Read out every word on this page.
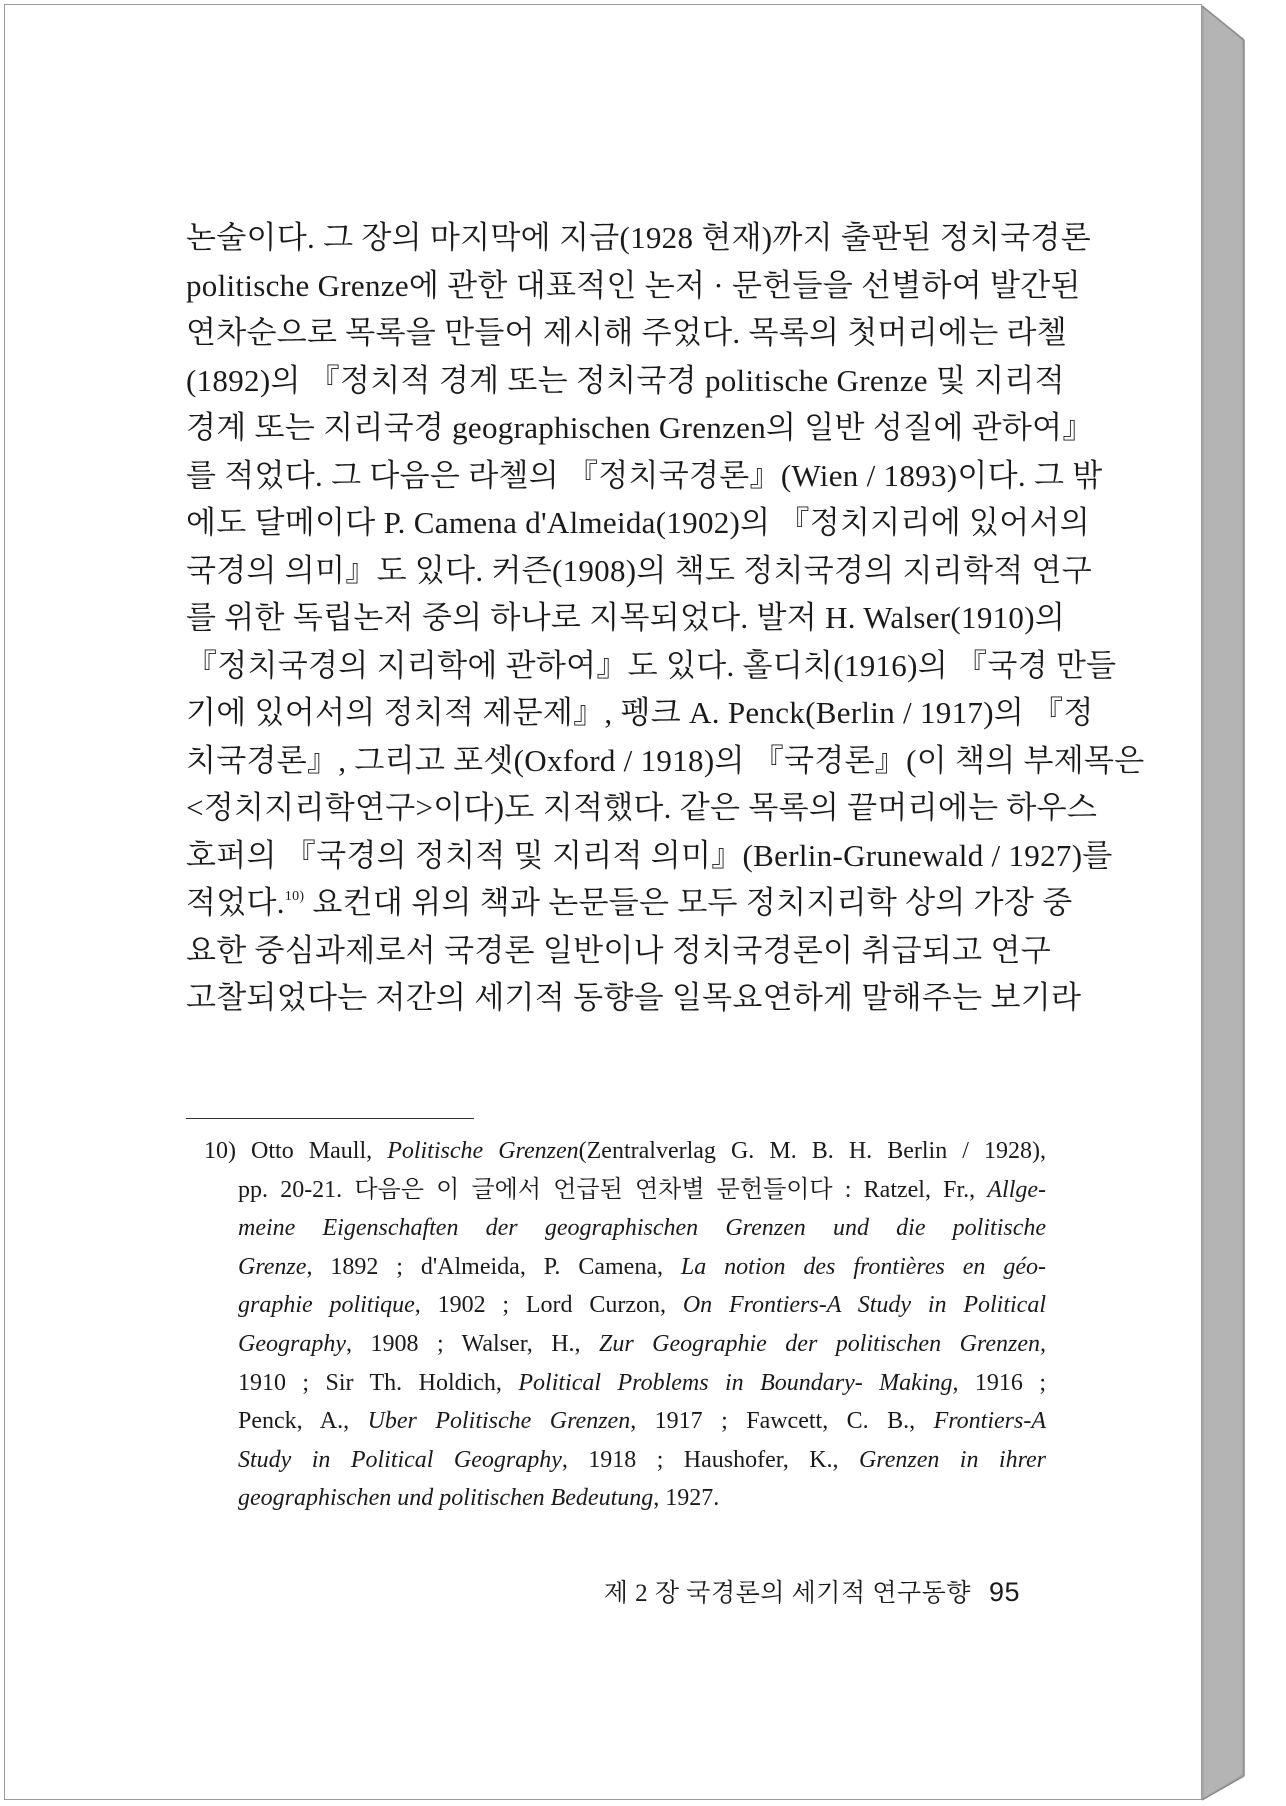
논술이다. 그 장의 마지막에 지금(1928 현재)까지 출판된 정치국경론
politische Grenze에 관한 대표적인 논저 · 문헌들을 선별하여 발간된
연차순으로 목록을 만들어 제시해 주었다. 목록의 첫머리에는 라첼
(1892)의 『정치적 경계 또는 정치국경 politische Grenze 및 지리적
경계 또는 지리국경 geographischen Grenzen의 일반 성질에 관하여』
를 적었다. 그 다음은 라첼의 『정치국경론』(Wien / 1893)이다. 그 밖
에도 달메이다 P. Camena d'Almeida(1902)의 『정치지리에 있어서의
국경의 의미』도 있다. 커즌(1908)의 책도 정치국경의 지리학적 연구
를 위한 독립논저 중의 하나로 지목되었다. 발저 H. Walser(1910)의
『정치국경의 지리학에 관하여』도 있다. 홀디치(1916)의 『국경 만들
기에 있어서의 정치적 제문제』, 펭크 A. Penck(Berlin / 1917)의 『정
치국경론』, 그리고 포셋(Oxford / 1918)의 『국경론』(이 책의 부제목은
<정치지리학연구>이다)도 지적했다. 같은 목록의 끝머리에는 하우스
호퍼의 『국경의 정치적 및 지리적 의미』(Berlin-Grunewald / 1927)를
적었다.$^{10)}$ 요컨대 위의 책과 논문들은 모두 정치지리학 상의 가장 중
요한 중심과제로서 국경론 일반이나 정치국경론이 취급되고 연구
고찰되었다는 저간의 세기적 동향을 일목요연하게 말해주는 보기라
10) Otto Maull, Politische Grenzen(Zentralverlag G. M. B. H. Berlin / 1928),
pp. 20-21. 다음은 이 글에서 언급된 연차별 문헌들이다 : Ratzel, Fr., Allge-
meine Eigenschaften der geographischen Grenzen und die politische
Grenze, 1892 ; d'Almeida, P. Camena, La notion des frontières en géo-
graphie politique, 1902 ; Lord Curzon, On Frontiers-A Study in Political
Geography, 1908 ; Walser, H., Zur Geographie der politischen Grenzen,
1910 ; Sir Th. Holdich, Political Problems in Boundary- Making, 1916 ;
Penck, A., Uber Politische Grenzen, 1917 ; Fawcett, C. B., Frontiers-A
Study in Political Geography, 1918 ; Haushofer, K., Grenzen in ihrer
geographischen und politischen Bedeutung, 1927.
제 2 장 국경론의 세기적 연구동향 95
